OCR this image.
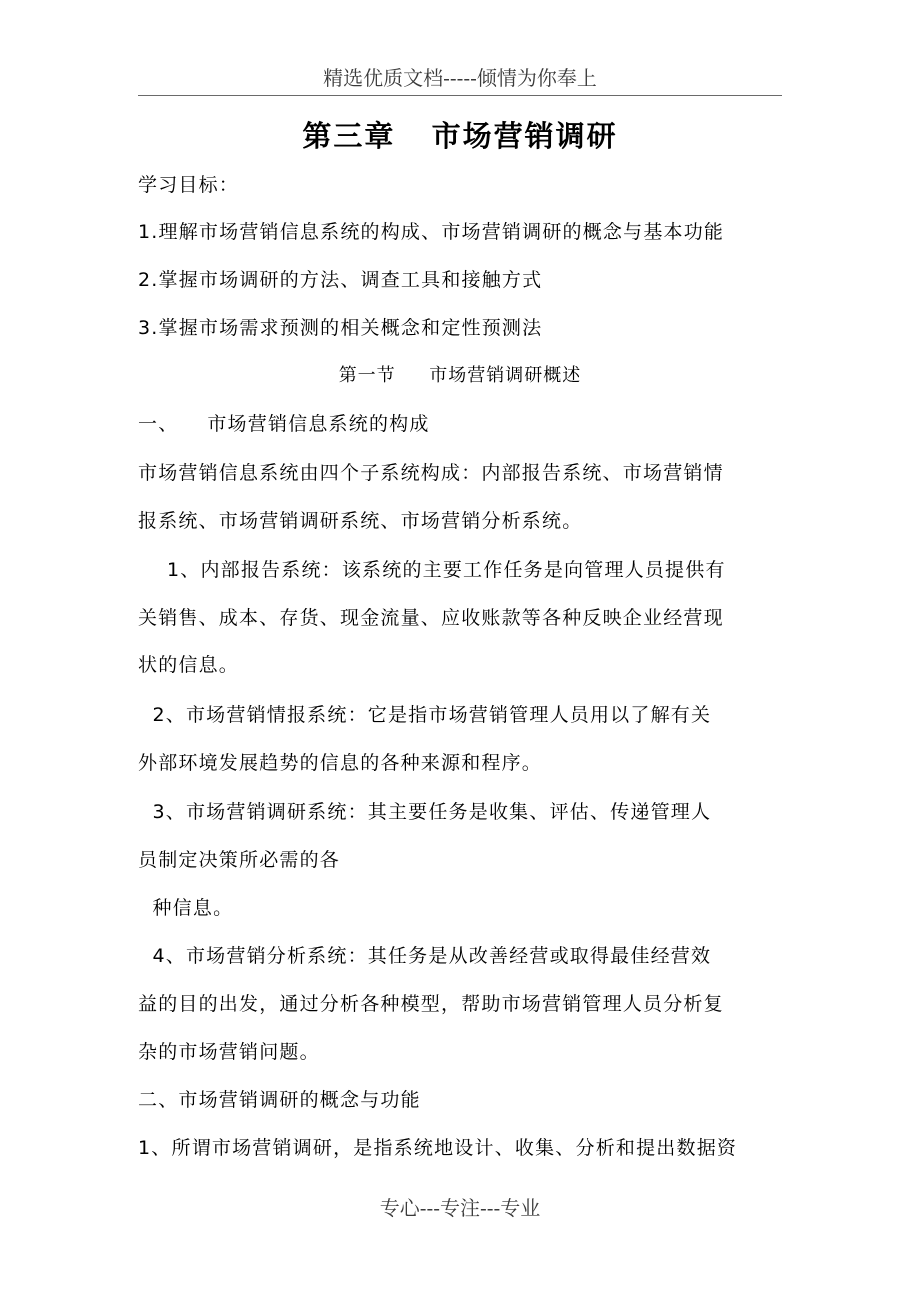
精选优质文档-----倾情为你奉上
第三章   市场营销调研
学习目标：
1.理解市场营销信息系统的构成、市场营销调研的概念与基本功能
2.掌握市场调研的方法、调查工具和接触方式
3.掌握市场需求预测的相关概念和定性预测法
第一节     市场营销调研概述
一、    市场营销信息系统的构成
市场营销信息系统由四个子系统构成：内部报告系统、市场营销情
报系统、市场营销调研系统、市场营销分析系统。
1、内部报告系统：该系统的主要工作任务是向管理人员提供有
关销售、成本、存货、现金流量、应收账款等各种反映企业经营现
状的信息。
2、市场营销情报系统：它是指市场营销管理人员用以了解有关
外部环境发展趋势的信息的各种来源和程序。
3、市场营销调研系统：其主要任务是收集、评估、传递管理人
员制定决策所必需的各
种信息。
4、市场营销分析系统：其任务是从改善经营或取得最佳经营效
益的目的出发，通过分析各种模型，帮助市场营销管理人员分析复
杂的市场营销问题。
二、市场营销调研的概念与功能
1、所谓市场营销调研，是指系统地设计、收集、分析和提出数据资
专心---专注---专业
